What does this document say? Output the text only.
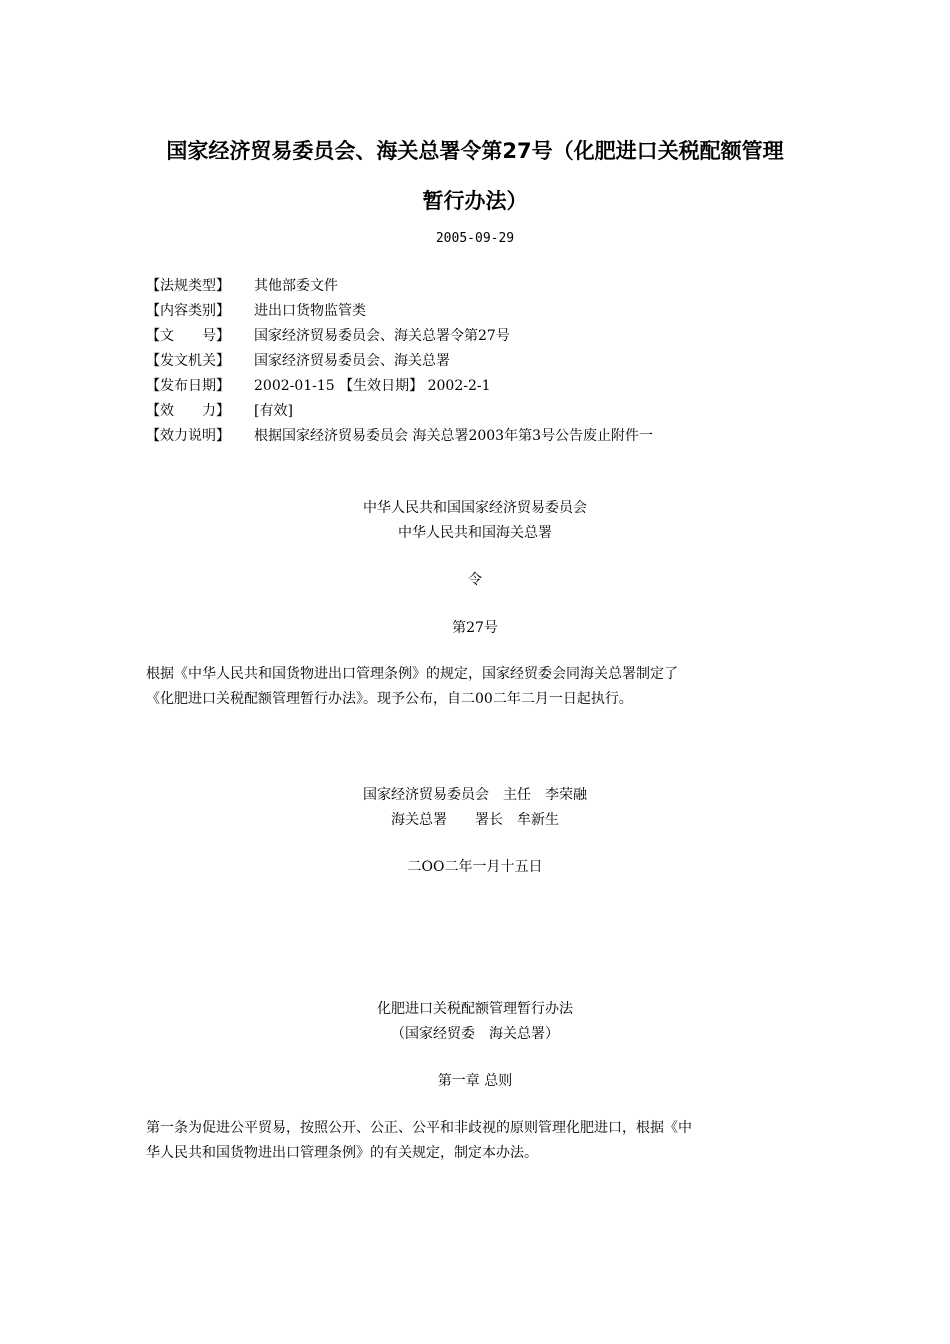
国家经济贸易委员会、海关总署令第27号（化肥进口关税配额管理
暂行办法）
2005-09-29
【法规类型】 其他部委文件
【内容类别】 进出口货物监管类
【文　　号】 国家经济贸易委员会、海关总署令第27号
【发文机关】 国家经济贸易委员会、海关总署
【发布日期】 2002-01-15 【生效日期】 2002-2-1
【效　　力】 [有效]
【效力说明】 根据国家经济贸易委员会 海关总署2003年第3号公告废止附件一
中华人民共和国国家经济贸易委员会
中华人民共和国海关总署
令
第27号

根据《中华人民共和国货物进出口管理条例》的规定，国家经贸委会同海关总署制定了

《化肥进口关税配额管理暂行办法》。现予公布，自二00二年二月一日起执行。

国家经济贸易委员会　主任　李荣融
海关总署　　署长　牟新生
二OO二年一月十五日
化肥进口关税配额管理暂行办法
（国家经贸委　海关总署）
第一章 总则

第一条为促进公平贸易，按照公开、公正、公平和非歧视的原则管理化肥进口，根据《中

华人民共和国货物进出口管理条例》的有关规定，制定本办法。
